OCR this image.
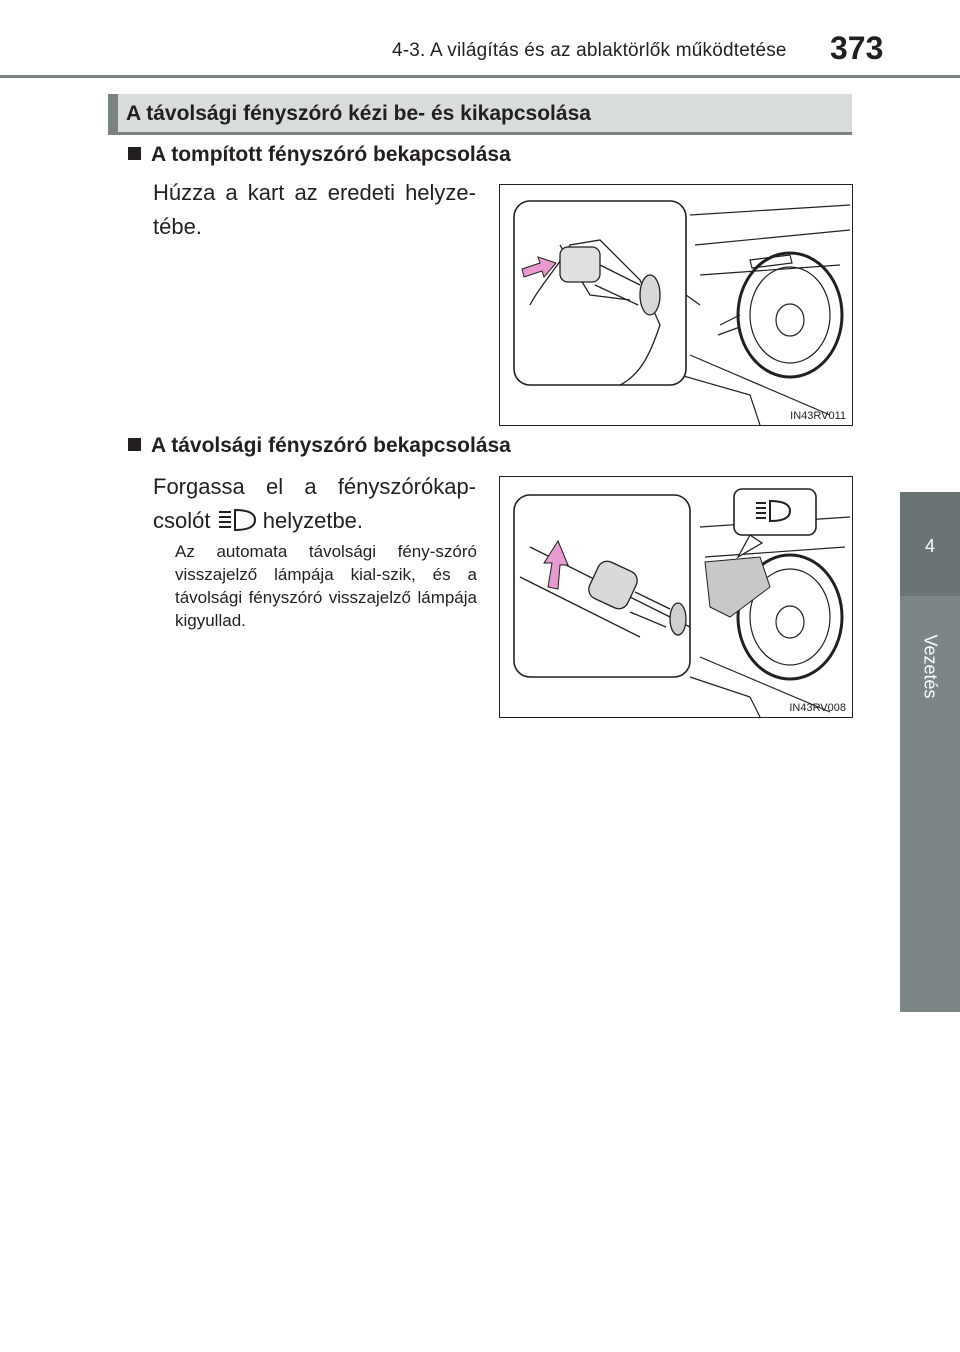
4-3. A világítás és az ablaktörlők működtetése 373
4
Vezetés
A távolsági fényszóró kézi be- és kikapcsolása
A tompított fényszóró bekapcsolása
Húzza a kart az eredeti helyze-tébe.
IN43RV011
A távolsági fényszóró bekapcsolása
Forgassa el a fényszórókap-csolót helyzetbe.
Az automata távolsági fény-szóró visszajelző lámpája kial-szik, és a távolsági fényszóró visszajelző lámpája kigyullad.
IN43RV008
